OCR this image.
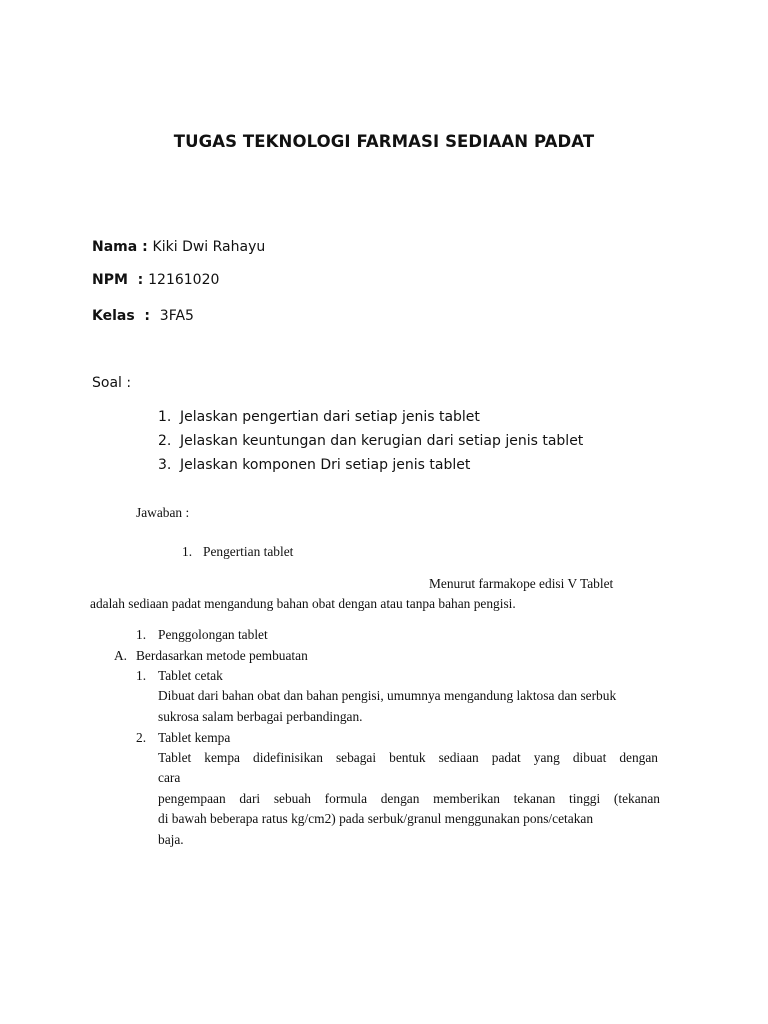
TUGAS TEKNOLOGI FARMASI SEDIAAN PADAT
Nama : Kiki Dwi Rahayu
NPM  : 12161020
Kelas  :  3FA5
Soal :
1. Jelaskan pengertian dari setiap jenis tablet
2. Jelaskan keuntungan dan kerugian dari setiap jenis tablet
3. Jelaskan komponen Dri setiap jenis tablet
Jawaban :
1. Pengertian tablet
Menurut farmakope edisi V Tablet
adalah sediaan padat mengandung bahan obat dengan atau tanpa bahan pengisi.
1. Penggolongan tablet
A. Berdasarkan metode pembuatan
1. Tablet cetak
Dibuat dari bahan obat dan bahan pengisi, umumnya mengandung laktosa dan serbuk
sukrosa salam berbagai perbandingan.
2. Tablet kempa
Tablet kempa didefinisikan sebagai bentuk sediaan padat yang dibuat dengan
cara
pengempaan dari sebuah formula dengan memberikan tekanan tinggi (tekanan
di bawah beberapa ratus kg/cm2) pada serbuk/granul menggunakan pons/cetakan
baja.
